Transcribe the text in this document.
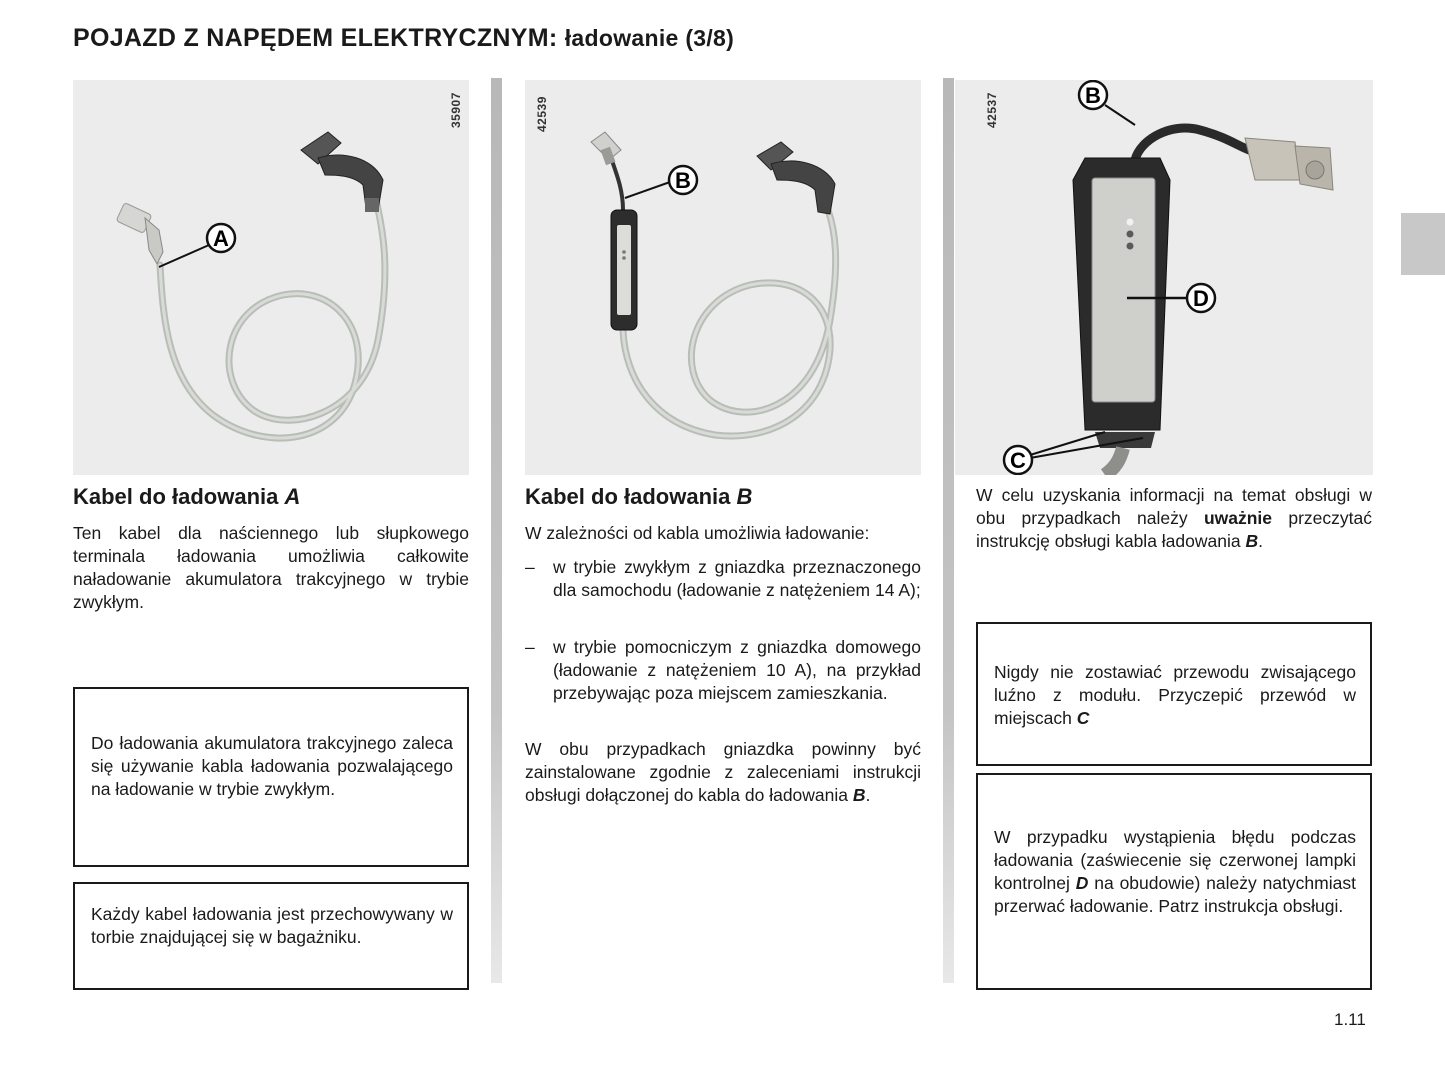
POJAZD Z NAPĘDEM ELEKTRYCZNYM: ładowanie (3/8)
A
35907
B
42539
B
D
C
42537
Kabel do ładowania A
Ten kabel dla naściennego lub słupkowego terminala ładowania umożliwia całkowite naładowanie akumulatora trakcyjnego w trybie zwykłym.
Do ładowania akumulatora trakcyjnego zaleca się używanie kabla ładowania pozwalającego na ładowanie w trybie zwykłym.
Każdy kabel ładowania jest przechowywany w torbie znajdującej się w bagażniku.
Kabel do ładowania B
W zależności od kabla umożliwia ładowanie:
– w trybie zwykłym z gniazdka przeznaczonego dla samochodu (ładowanie z natężeniem 14 A);
– w trybie pomocniczym z gniazdka domowego (ładowanie z natężeniem 10 A), na przykład przebywając poza miejscem zamieszkania.
W obu przypadkach gniazdka powinny być zainstalowane zgodnie z zaleceniami instrukcji obsługi dołączonej do kabla do ładowania B.
W celu uzyskania informacji na temat obsługi w obu przypadkach należy uważnie przeczytać instrukcję obsługi kabla ładowania B.
Nigdy nie zostawiać przewodu zwisającego luźno z modułu. Przyczepić przewód w miejscach C
W przypadku wystąpienia błędu podczas ładowania (zaświecenie się czerwonej lampki kontrolnej D na obudowie) należy natychmiast przerwać ładowanie. Patrz instrukcja obsługi.
1.11
